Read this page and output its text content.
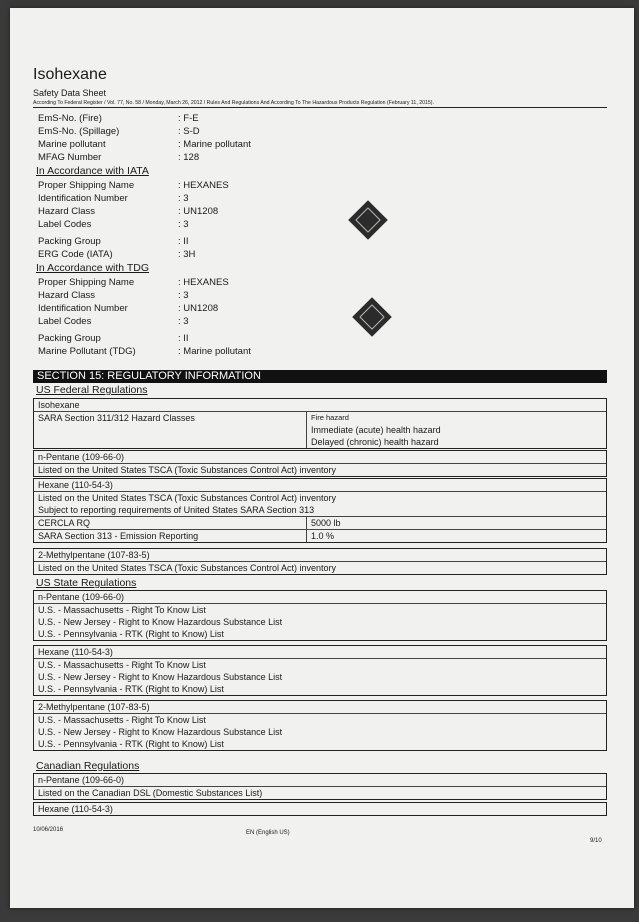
Isohexane
Safety Data Sheet
According To Federal Register / Vol. 77, No. 58 / Monday, March 26, 2012 / Rules And Regulations And According To The Hazardous Products Regulation (February 11, 2015).
EmS-No. (Fire)	: F-E
EmS-No. (Spillage)	: S-D
Marine pollutant	: Marine pollutant
MFAG Number	: 128
In Accordance with IATA
Proper Shipping Name	: HEXANES
Identification Number	: 3
Hazard Class	: UN1208
Label Codes	: 3
Packing Group	: II
ERG Code (IATA)	: 3H
In Accordance with TDG
Proper Shipping Name	: HEXANES
Hazard Class	: 3
Identification Number	: UN1208
Label Codes	: 3
Packing Group	: II
Marine Pollutant (TDG)	: Marine pollutant
SECTION 15: REGULATORY INFORMATION
US Federal Regulations
Isohexane
SARA Section 311/312 Hazard Classes	Fire hazard
Immediate (acute) health hazard
Delayed (chronic) health hazard
n-Pentane (109-66-0)
Listed on the United States TSCA (Toxic Substances Control Act) inventory
Hexane (110-54-3)
Listed on the United States TSCA (Toxic Substances Control Act) inventory
Subject to reporting requirements of United States SARA Section 313
CERCLA RQ	5000 lb
SARA Section 313 - Emission Reporting	1.0 %
2-Methylpentane (107-83-5)
Listed on the United States TSCA (Toxic Substances Control Act) inventory
US State Regulations
n-Pentane (109-66-0)
U.S. - Massachusetts - Right To Know List
U.S. - New Jersey - Right to Know Hazardous Substance List
U.S. - Pennsylvania - RTK (Right to Know) List
Hexane (110-54-3)
U.S. - Massachusetts - Right To Know List
U.S. - New Jersey - Right to Know Hazardous Substance List
U.S. - Pennsylvania - RTK (Right to Know) List
2-Methylpentane (107-83-5)
U.S. - Massachusetts - Right To Know List
U.S. - New Jersey - Right to Know Hazardous Substance List
U.S. - Pennsylvania - RTK (Right to Know) List
Canadian Regulations
n-Pentane (109-66-0)
Listed on the Canadian DSL (Domestic Substances List)
Hexane (110-54-3)
10/06/2016	EN (English US)
9/10
